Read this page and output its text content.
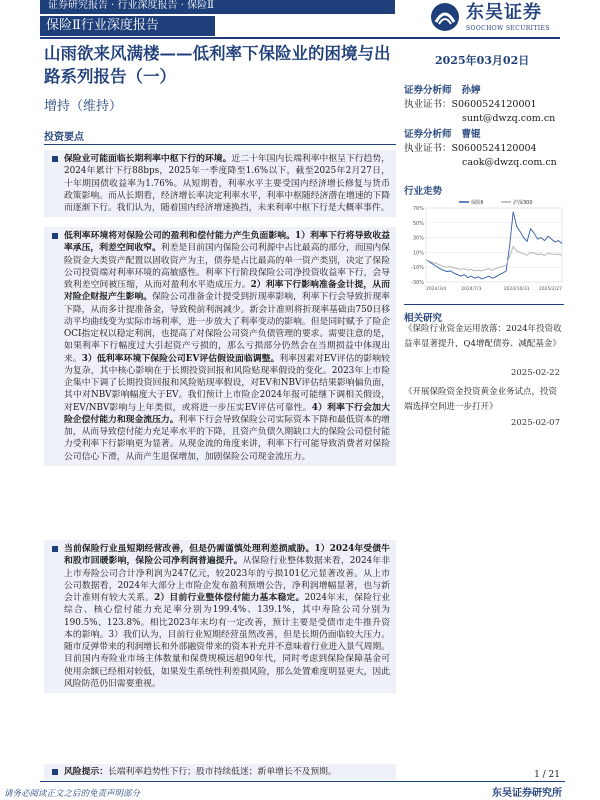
证券研究报告 · 行业深度报告 · 保险Ⅱ
保险Ⅱ行业深度报告
东吴证券
SOOCHOW SECURITIES
山雨欲来风满楼——低利率下保险业的困境与出路系列报告（一）
2025年03月02日
增持（维持）
证券分析师 孙婷
执业证书：S0600524120001
sunt@dwzq.com.cn
证券分析师 曹锟
执业证书：S0600524120004
caok@dwzq.com.cn
投资要点
保险业可能面临长期利率中枢下行的环境。近二十年国内长端利率中枢呈下行趋势，2024年累计下行88bps，2025年一季度降至1.6%以下，截至2025年2月27日，十年期国债收益率为1.76%。从短期看，利率水平主要受国内经济增长修复与货币政策影响。而从长期看，经济增长率决定利率水平，利率中枢随经济潜在增速的下降而逐渐下行。我们认为，随着国内经济增速换挡，未来利率中枢下行是大概率事件。
低利率环境将对保险公司的盈利和偿付能力产生负面影响。1）利率下行将导致收益率承压，利差空间收窄。利差是目前国内保险公司利源中占比最高的部分，而国内保险资金大类资产配置以固收资产为主，债券是占比最高的单一资产类别，决定了保险公司投资端对利率环境的高敏感性。利率下行阶段保险公司净投资收益率下行，会导致利差空间被压缩，从而对盈利水平造成压力。2）利率下行影响准备金计提，从而对险企财报产生影响。保险公司准备金计提受到折现率影响，利率下行会导致折现率下降，从而多计提准备金，导致税前利润减少。新会计准则将折现率基础由750日移动平均曲线变为实际市场利率，进一步放大了利率变动的影响。但是同时赋予了险企OCI指定权以稳定利润，也提高了对保险公司资产负债管理的要求。需要注意的是，如果利率下行幅度过大引起资产亏损的，那么亏损部分仍然会在当期损益中体现出来。3）低利率环境下保险公司EV评估假设面临调整。利率因素对EV评估的影响较为复杂，其中核心影响在于长期投资回报和风险贴现率假设的变化。2023年上市险企集中下调了长期投资回报和风险贴现率假设，对EV和NBV评估结果影响偏负面，其中对NBV影响幅度大于EV。我们预计上市险企2024年报可能继下调相关假设，对EV/NBV影响与上年类似，或将进一步压实EV评估可靠性。4）利率下行会加大险企偿付能力和现金流压力。利率下行会导致保险公司实际资本下降和最低资本的增加，从而导致偿付能力充足率水平的下降，且资产负债久期缺口大的保险公司偿付能力受利率下行影响更为显著。从现金流的角度来讲，利率下行可能导致消费者对保险公司信心下滑，从而产生退保增加，加剧保险公司现金流压力。
当前保险行业虽短期经营改善，但是仍需谨慎处理利差损威胁。1）2024年受债牛和股市回暖影响，保险公司净利润普遍提升。从保险行业整体数据来看，2024年非上市寿险公司合计净利润为247亿元，较2023年的亏损101亿元显著改善。从上市公司数据看，2024年大部分上市险企发布盈利预增公告，净利润增幅显著，也与新会计准则有较大关系。2）目前行业整体偿付能力基本稳定。2024年末，保险行业综合、核心偿付能力充足率分别为199.4%、139.1%，其中寿险公司分别为190.5%、123.8%。相比2023年末均有一定改善，预计主要是受债市走牛推升资本的影响。3）我们认为，目前行业短期经营虽然改善，但是长期仍面临较大压力。随市反弹带来的利润增长和外部融资带来的资本补充并不意味着行业进入景气周期。目前国内寿险业市场主体数量和保费规模远超90年代，同时考虑到保险保障基金可使用余额已经相对较低，如果发生系统性利差损风险，那么处置难度明显更大，因此风险防范仍旧需要重视。
风险提示：长端利率趋势性下行；股市持续低迷；新单增长不及预期。
行业走势
-30%
-10%
10%
30%
50%
70%
2024/3/4	2024/7/3	2024/10/31 2025/2/27
保险Ⅱ	沪深300
相关研究
《保险行业资金运用放落：2024年投资收益率显著提升，Q4增配债券、减配基金》
2025-02-22
《开展保险资金投资黄金业务试点，投资端选择空间进一步打开》
2025-02-07
1 / 21
请务必阅读正文之后的免责声明部分	东吴证券研究所
